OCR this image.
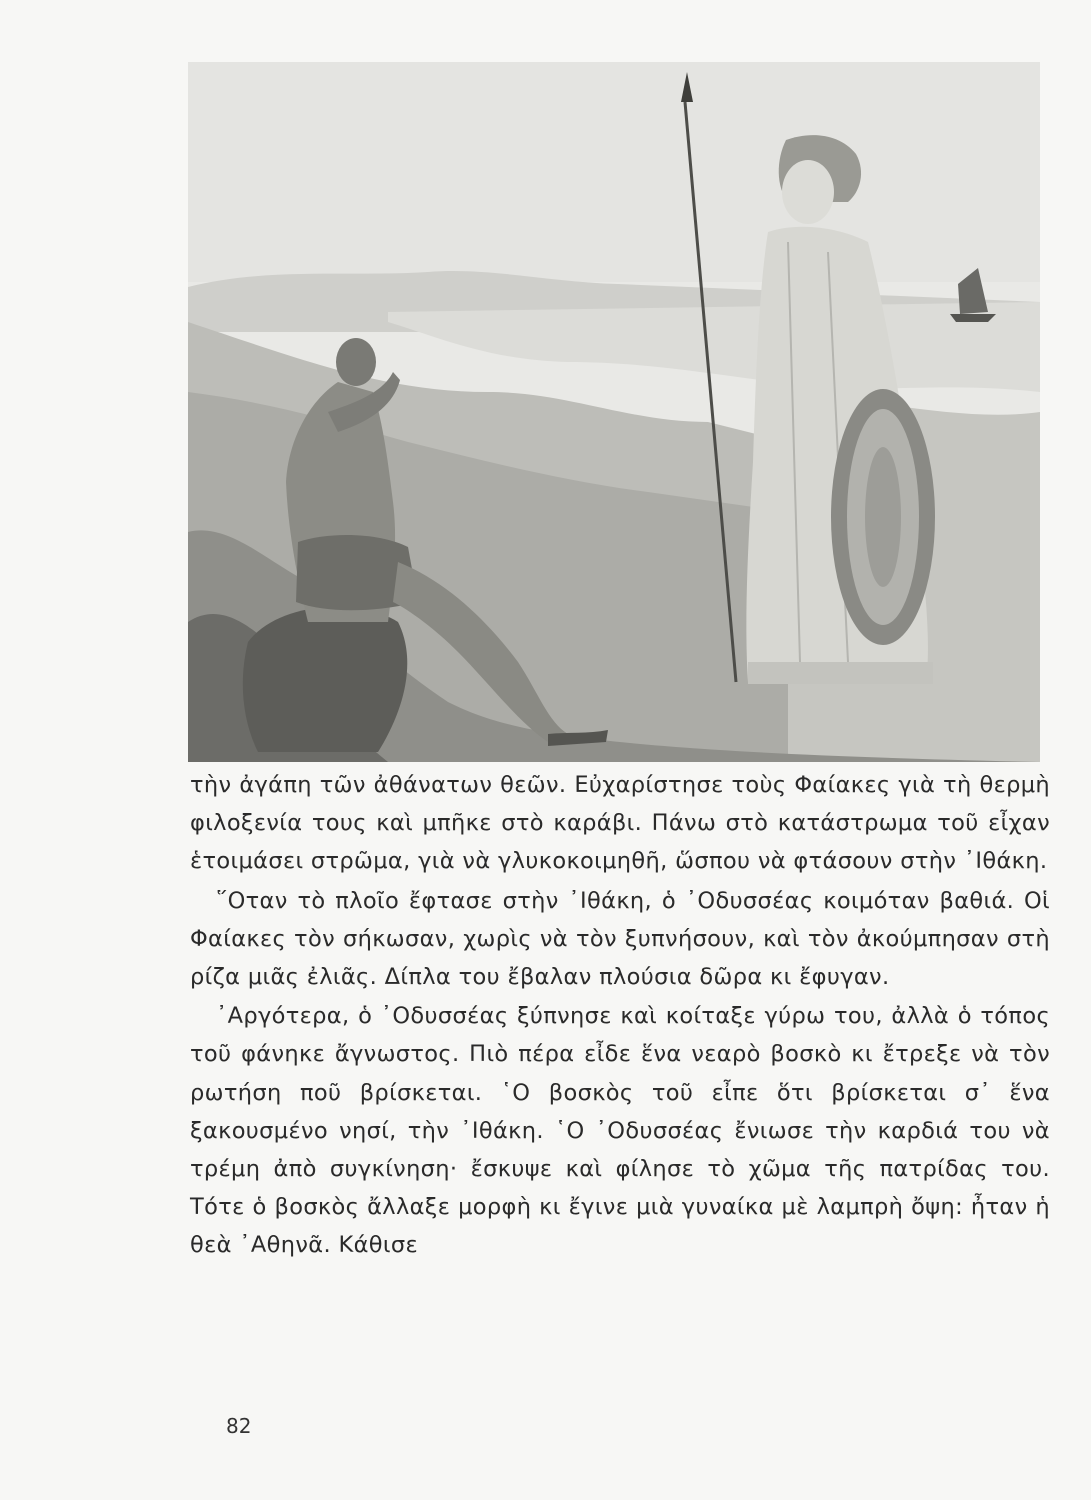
τὴν ἀγάπη τῶν ἀθάνατων θεῶν. Εὐχαρίστησε τοὺς Φαίακες γιὰ τὴ θερμὴ φιλοξενία τους καὶ μπῆκε στὸ καράβι. Πάνω στὸ κατάστρωμα τοῦ εἶχαν ἑτοιμάσει στρῶμα, γιὰ νὰ γλυκοκοιμηθῆ, ὥσπου νὰ φτάσουν στὴν ᾿Ιθάκη.

῞Οταν τὸ πλοῖο ἔφτασε στὴν ᾿Ιθάκη, ὁ ᾿Οδυσσέας κοιμόταν βαθιά. Οἱ Φαίακες τὸν σήκωσαν, χωρὶς νὰ τὸν ξυπνήσουν, καὶ τὸν ἀκούμπησαν στὴ ρίζα μιᾶς ἐλιᾶς. Δίπλα του ἔβαλαν πλούσια δῶρα κι ἔφυγαν.

᾿Αργότερα, ὁ ᾿Οδυσσέας ξύπνησε καὶ κοίταξε γύρω του, ἀλλὰ ὁ τόπος τοῦ φάνηκε ἄγνωστος. Πιὸ πέρα εἶδε ἕνα νεαρὸ βοσκὸ κι ἔτρεξε νὰ τὸν ρωτήση ποῦ βρίσκεται. ῾Ο βοσκὸς τοῦ εἶπε ὅτι βρίσκεται σ᾿ ἕνα ξακουσμένο νησί, τὴν ᾿Ιθάκη. ῾Ο ᾿Οδυσσέας ἔνιωσε τὴν καρδιά του νὰ τρέμη ἀπὸ συγκίνηση· ἔσκυψε καὶ φίλησε τὸ χῶμα τῆς πατρίδας του. Τότε ὁ βοσκὸς ἄλλαξε μορφὴ κι ἔγινε μιὰ γυναίκα μὲ λαμπρὴ ὄψη: ἦταν ἡ θεὰ ᾿Αθηνᾶ. Κάθισε

82
